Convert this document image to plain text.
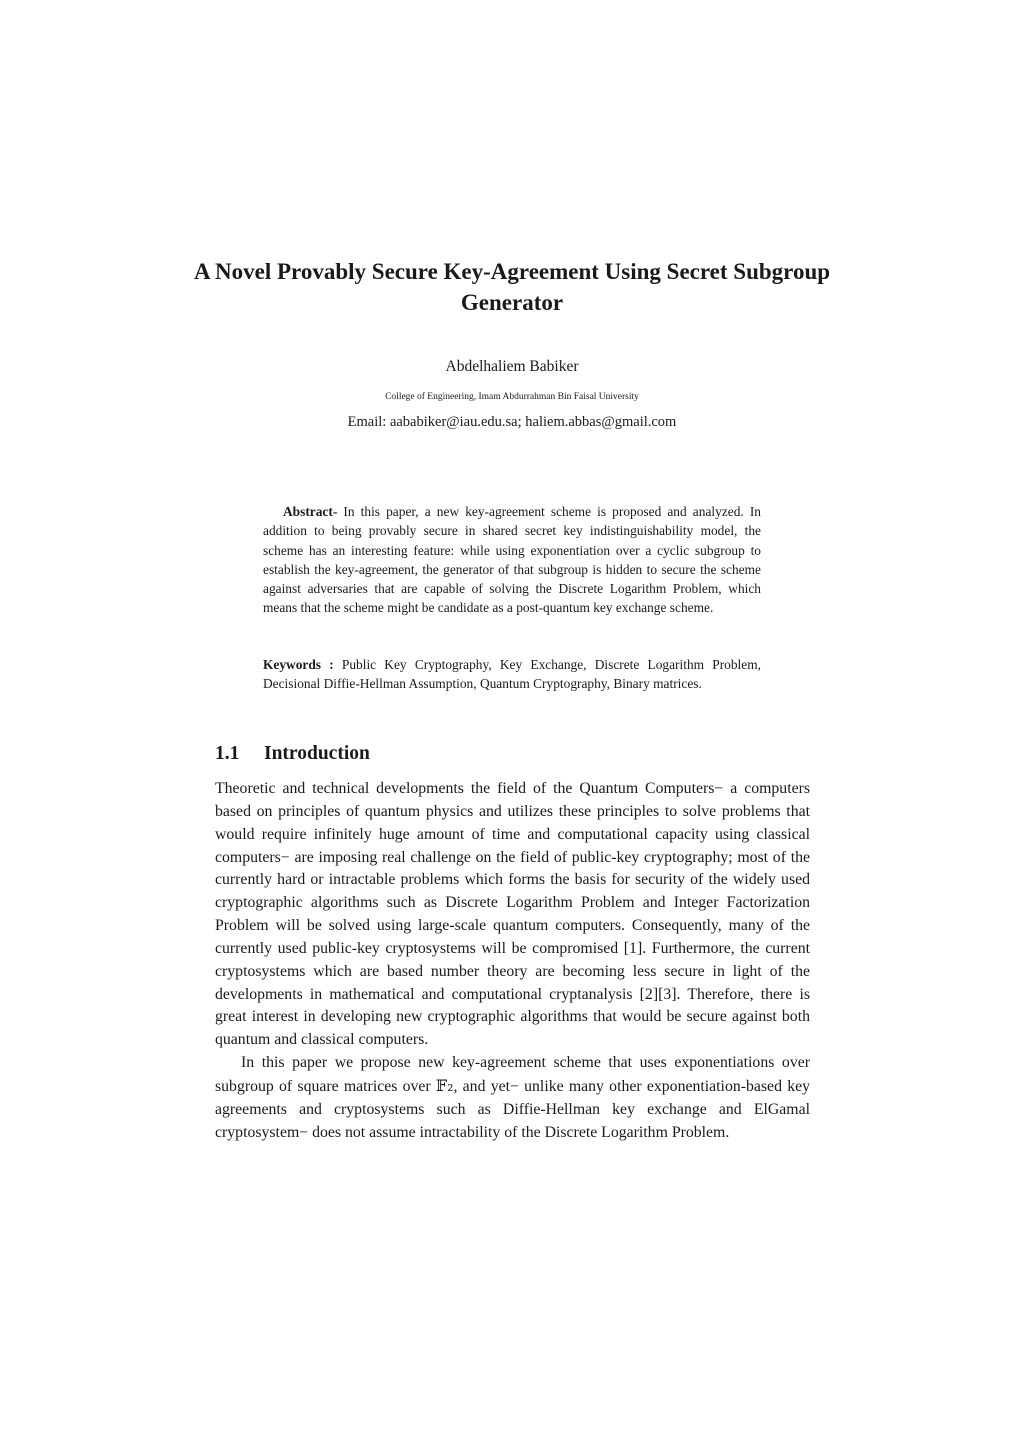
A Novel Provably Secure Key-Agreement Using Secret Subgroup Generator
Abdelhaliem Babiker
College of Engineering, Imam Abdurrahman Bin Faisal University
Email: aababiker@iau.edu.sa; haliem.abbas@gmail.com

Abstract- In this paper, a new key-agreement scheme is proposed and analyzed. In addition to being provably secure in shared secret key indistinguishability model, the scheme has an interesting feature: while using exponentiation over a cyclic subgroup to establish the key-agreement, the generator of that subgroup is hidden to secure the scheme against adversaries that are capable of solving the Discrete Logarithm Problem, which means that the scheme might be candidate as a post-quantum key exchange scheme.

Keywords : Public Key Cryptography, Key Exchange, Discrete Logarithm Problem, Decisional Diffie-Hellman Assumption, Quantum Cryptography, Binary matrices.

1.1 Introduction

Theoretic and technical developments the field of the Quantum Computers− a computers based on principles of quantum physics and utilizes these principles to solve problems that would require infinitely huge amount of time and computational capacity using classical computers− are imposing real challenge on the field of public-key cryptography; most of the currently hard or intractable problems which forms the basis for security of the widely used cryptographic algorithms such as Discrete Logarithm Problem and Integer Factorization Problem will be solved using large-scale quantum computers. Consequently, many of the currently used public-key cryptosystems will be compromised [1]. Furthermore, the current cryptosystems which are based number theory are becoming less secure in light of the developments in mathematical and computational cryptanalysis [2][3]. Therefore, there is great interest in developing new cryptographic algorithms that would be secure against both quantum and classical computers.

In this paper we propose new key-agreement scheme that uses exponentiations over subgroup of square matrices over 𝔽₂, and yet− unlike many other exponentiation-based key agreements and cryptosystems such as Diffie-Hellman key exchange and ElGamal cryptosystem− does not assume intractability of the Discrete Logarithm Problem.
